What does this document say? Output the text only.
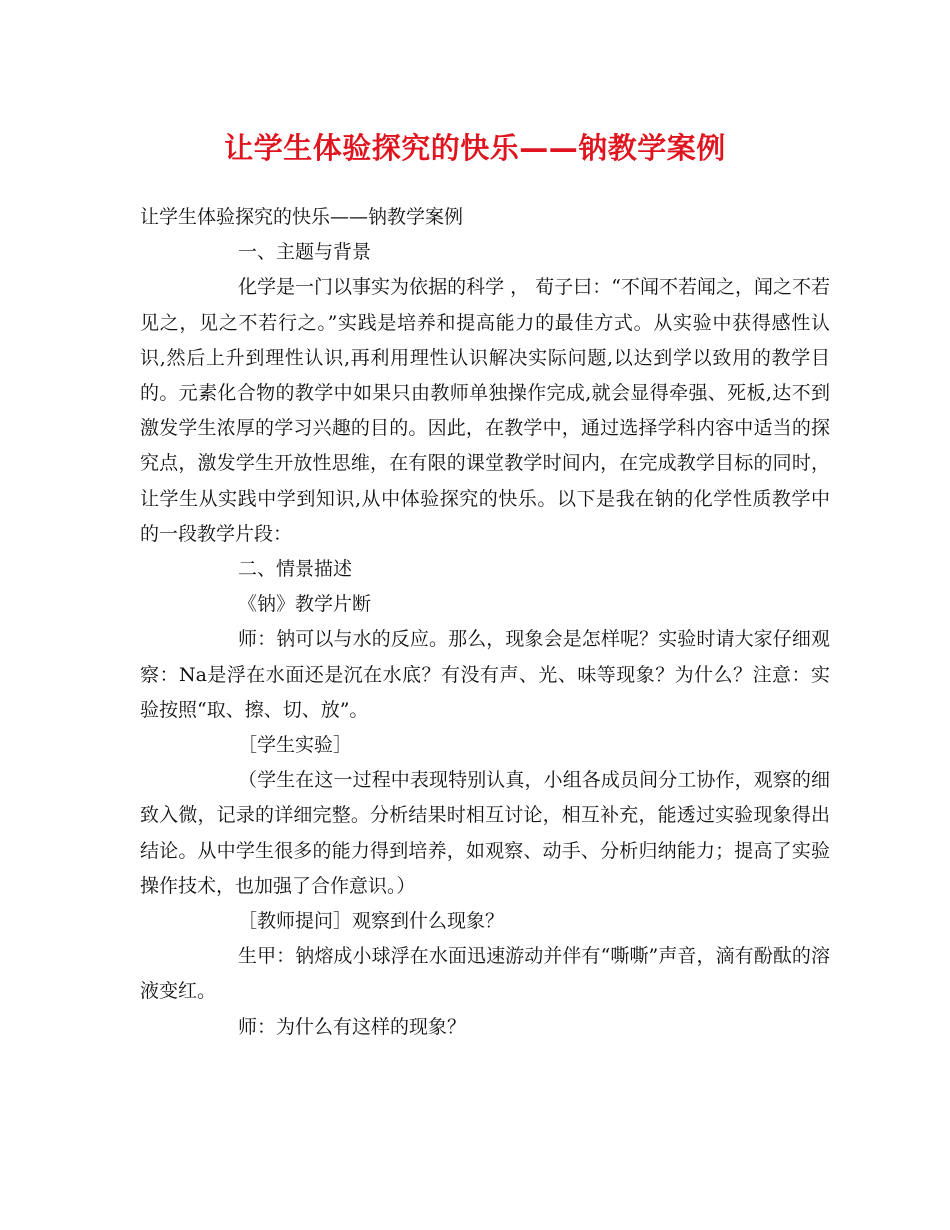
让学生体验探究的快乐——钠教学案例

让学生体验探究的快乐——钠教学案例

一、主题与背景

化学是一门以事实为依据的科学 ， 荀子曰：“不闻不若闻之，闻之不若见之，见之不若行之。”实践是培养和提高能力的最佳方式。从实验中获得感性认识,然后上升到理性认识,再利用理性认识解决实际问题,以达到学以致用的教学目的。元素化合物的教学中如果只由教师单独操作完成,就会显得牵强、死板,达不到激发学生浓厚的学习兴趣的目的。因此，在教学中，通过选择学科内容中适当的探究点，激发学生开放性思维，在有限的课堂教学时间内，在完成教学目标的同时，让学生从实践中学到知识,从中体验探究的快乐。以下是我在钠的化学性质教学中的一段教学片段：

二、情景描述

《钠》教学片断

师：钠可以与水的反应。那么，现象会是怎样呢？实验时请大家仔细观察：Na是浮在水面还是沉在水底？有没有声、光、味等现象？为什么？注意：实验按照“取、擦、切、放”。

［学生实验］

（学生在这一过程中表现特别认真，小组各成员间分工协作，观察的细致入微，记录的详细完整。分析结果时相互讨论，相互补充，能透过实验现象得出结论。从中学生很多的能力得到培养，如观察、动手、分析归纳能力；提高了实验操作技术，也加强了合作意识。）

［教师提问］观察到什么现象？

生甲：钠熔成小球浮在水面迅速游动并伴有“嘶嘶”声音，滴有酚酞的溶液变红。

师：为什么有这样的现象？
